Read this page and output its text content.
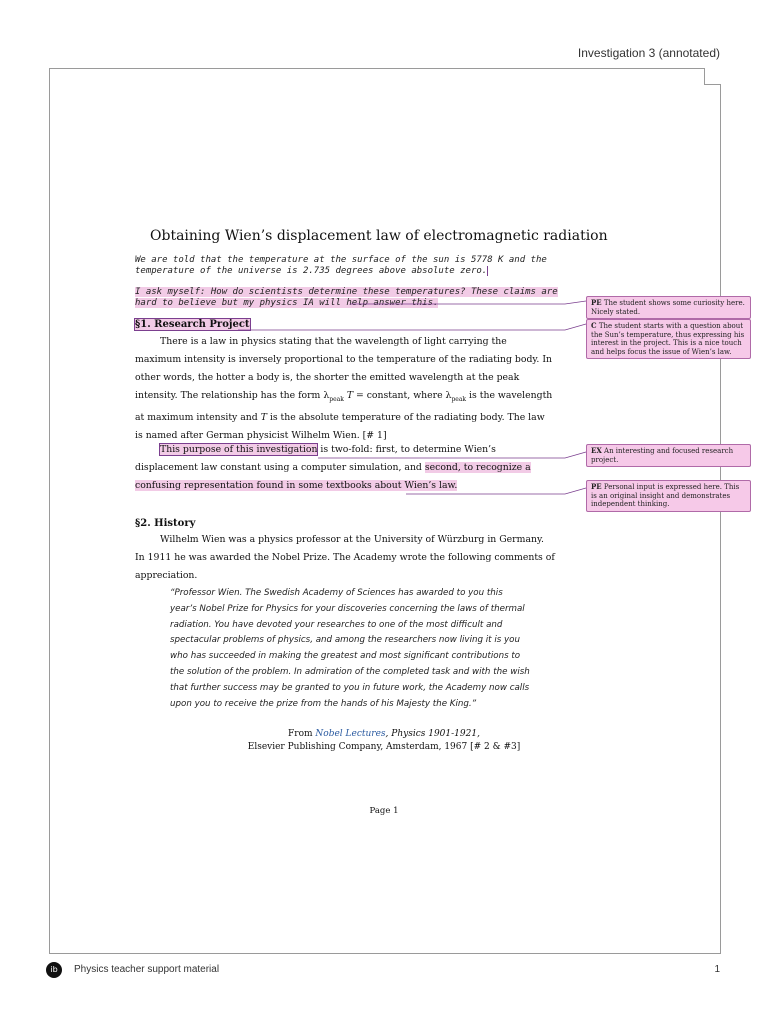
Investigation 3 (annotated)
Obtaining Wien’s displacement law of electromagnetic radiation
We are told that the temperature at the surface of the sun is 5778 K and the temperature of the universe is 2.735 degrees above absolute zero.
I ask myself: How do scientists determine these temperatures? These claims are hard to believe but my physics IA will help answer this.
§1. Research Project
There is a law in physics stating that the wavelength of light carrying the maximum intensity is inversely proportional to the temperature of the radiating body. In other words, the hotter a body is, the shorter the emitted wavelength at the peak intensity. The relationship has the form $\lambda_{peak}$ T = constant, where $\lambda_{peak}$ is the wavelength at maximum intensity and T is the absolute temperature of the radiating body. The law is named after German physicist Wilhelm Wien. [# 1]
This purpose of this investigation is two-fold: first, to determine Wien’s displacement law constant using a computer simulation, and second, to recognize a confusing representation found in some textbooks about Wien’s law.
§2. History
Wilhelm Wien was a physics professor at the University of Würzburg in Germany. In 1911 he was awarded the Nobel Prize. The Academy wrote the following comments of appreciation.
“Professor Wien. The Swedish Academy of Sciences has awarded to you this year’s Nobel Prize for Physics for your discoveries concerning the laws of thermal radiation. You have devoted your researches to one of the most difficult and spectacular problems of physics, and among the researchers now living it is you who has succeeded in making the greatest and most significant contributions to the solution of the problem. In admiration of the completed task and with the wish that further success may be granted to you in future work, the Academy now calls upon you to receive the prize from the hands of his Majesty the King.”
From Nobel Lectures, Physics 1901-1921,
Elsevier Publishing Company, Amsterdam, 1967 [# 2 & #3]
Page 1
PE The student shows some curiosity here. Nicely stated.
C The student starts with a question about the Sun’s temperature, thus expressing his interest in the project. This is a nice touch and helps focus the issue of Wien’s law.
EX An interesting and focused research project.
PE Personal input is expressed here. This is an original insight and demonstrates independent thinking.
ib	Physics teacher support material	1
